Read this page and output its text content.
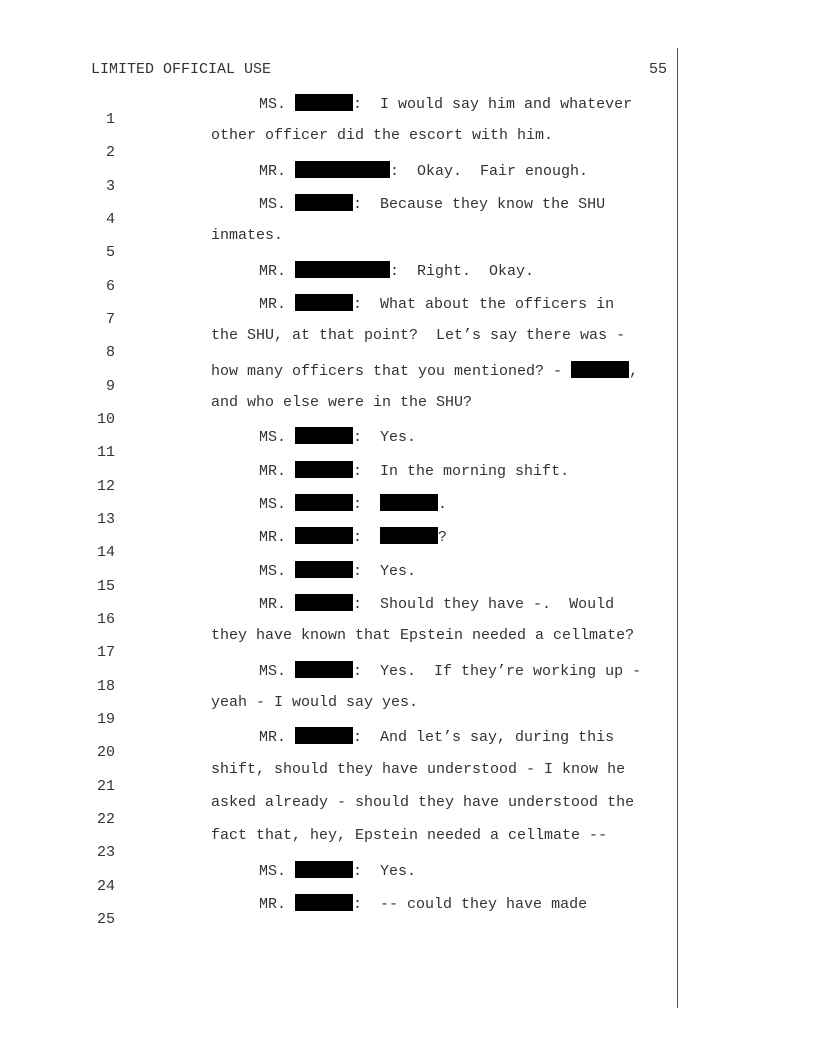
LIMITED OFFICIAL USE	55

1

MS.	:  I would say him and whatever

2

other officer did the escort with him.

3

MR.	:  Okay.  Fair enough.

4

MS.	:  Because they know the SHU

5

inmates.

6

MR.	:  Right.  Okay.

7

MR.	:  What about the officers in

8

the SHU, at that point?  Let’s say there was -

9

how many officers that you mentioned? -	,

10

and who else were in the SHU?

11

MS.	:  Yes.

12

MR.	:  In the morning shift.

13

MS.	:	.

14

MR.	:	?

15

MS.	:  Yes.

16

MR.	:  Should they have -.  Would

17

they have known that Epstein needed a cellmate?

18

MS.	:  Yes.  If they’re working up -

19

yeah - I would say yes.

20

MR.	:  And let’s say, during this

21

shift, should they have understood - I know he

22

asked already - should they have understood the

23

fact that, hey, Epstein needed a cellmate --

24

MS.	:  Yes.

25

MR.	:  -- could they have made
